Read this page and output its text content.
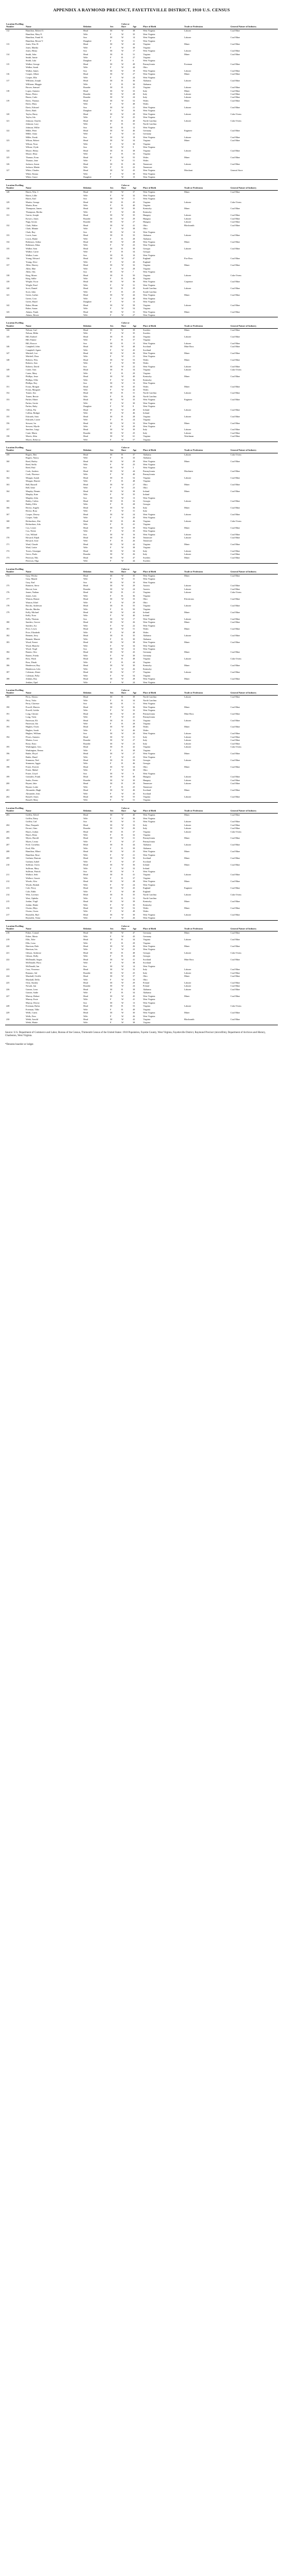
APPENDIX A RAYMOND PRECINCT, FAYETTEVILLE DISTRICT, 1910 U.S. CENSUS
Location Dwelling Number	Name	Relation	Sex	Color or Race	Age	Place of Birth	Trade or Profession	General Nature of Industry
112	Hamilton, Robert O.	Head	M	W	38	West Virginia	Laborer	Coal Mine
	Hamilton, Mary E.	Wife	F	W	35	West Virginia		
	Hamilton, Frank W.	Son	M	W	14	West Virginia	Laborer	Coal Mine
	Hamilton, Bessie V.	Daughter	F	W	11	West Virginia		
113	Jones, Wm. H.	Head	M	W	42	Virginia	Miner	Coal Mine
	Jones, Martha	Wife	F	W	39	Virginia		
	Jones, Henry	Son	M	W	17	West Virginia	Laborer	Coal Mine
114	Smith, John	Head	M	B	31	Virginia	Miner	Coal Mine
	Smith, Annie	Wife	F	B	27	Virginia		
	Smith, Lula	Daughter	F	B	6	West Virginia		
115	Walker, George	Head	M	W	49	Pennsylvania	Foreman	Coal Mine
	Walker, Sarah	Wife	F	W	44	Ohio		
	Walker, James	Son	M	W	19	West Virginia	Laborer	Coal Mine
116	Cooper, Albert	Head	M	W	27	West Virginia	Miner	Coal Mine
	Cooper, Ella	Wife	F	W	24	West Virginia		
117	Williams, Joseph	Head	M	B	36	Alabama	Laborer	Coal Mine
	Williams, Maggie	Wife	F	B	30	Alabama		
	Brown, Samuel	Boarder	M	B	25	Virginia	Laborer	Coal Mine
118	Lopez, Antonio	Head	M	W	33	Italy	Miner	Coal Mine
	Russo, Pietro	Boarder	M	W	28	Italy	Laborer	Coal Mine
	Bruno, Carlo	Boarder	M	W	24	Italy	Laborer	Coal Mine
119	Davis, Thomas	Head	M	W	52	Wales	Miner	Coal Mine
	Davis, Mary	Wife	F	W	48	Wales		
	Davis, Edward	Son	M	W	21	West Virginia	Laborer	Coal Mine
	Davis, Ruth	Daughter	F	W	16	West Virginia		
120	Taylor, Harry	Head	M	W	29	West Virginia	Laborer	Coke Ovens
	Taylor, Ida	Wife	F	W	25	West Virginia		
121	Johnson, Charles	Head	M	B	40	North Carolina	Laborer	Coke Ovens
	Johnson, Lucy	Wife	F	B	35	North Carolina		
	Johnson, Willie	Son	M	B	12	West Virginia		
122	Miller, Peter	Head	M	W	46	Germany	Engineer	Coal Mine
	Miller, Anna	Wife	F	W	41	Germany		
	Miller, Frank	Son	M	W	18	West Virginia	Laborer	Coal Mine
123	Wilson, Robert	Head	M	W	34	Virginia	Miner	Coal Mine
	Wilson, Nora	Wife	F	W	30	Virginia		
	Wilson, Clyde	Son	M	W	9	West Virginia		
124	Moore, Henry	Head	M	B	38	Virginia	Laborer	Coal Mine
	Moore, Eliza	Wife	F	B	33	Virginia		
125	Thomas, Evan	Head	M	W	55	Wales	Miner	Coal Mine
	Thomas, Jane	Wife	F	W	51	Wales		
126	Jackson, Aaron	Head	M	B	26	Tennessee	Laborer	Coal Mine
	Jackson, Mattie	Wife	F	B	22	Tennessee		
127	White, Charles	Head	M	W	43	West Virginia	Merchant	General Store
	White, Emma	Wife	F	W	39	West Virginia		
	White, Grace	Daughter	F	W	15	West Virginia		
Location Dwelling Number	Name	Relation	Sex	Color or Race	Age	Place of Birth	Trade or Profession	General Nature of Industry
128	Harris, Wm. J.	Head	M	W	37	West Virginia	Miner	Coal Mine
	Harris, Lillie	Wife	F	W	32	West Virginia		
	Harris, Earl	Son	M	W	11	West Virginia		
129	Martin, George	Head	M	B	45	Virginia	Laborer	Coke Ovens
	Martin, Rosa	Wife	F	B	40	Virginia		
130	Thompson, James	Head	M	W	30	Kentucky	Miner	Coal Mine
	Thompson, Bertha	Wife	F	W	26	Kentucky		
131	Garcia, Joseph	Head	M	W	35	Hungary	Laborer	Coal Mine
	Kovacs, Janos	Boarder	M	W	29	Hungary	Laborer	Coal Mine
	Nagy, Istvan	Boarder	M	W	27	Hungary	Laborer	Coal Mine
132	Clark, Walter	Head	M	W	41	Ohio	Blacksmith	Coal Mine
	Clark, Minnie	Wife	F	W	38	Ohio		
	Clark, Ray	Son	M	W	14	West Virginia		
133	Lewis, Isaac	Head	M	B	33	Alabama	Laborer	Coal Mine
	Lewis, Hattie	Wife	F	B	28	Alabama		
134	Robinson, Arthur	Head	M	W	28	West Virginia	Miner	Coal Mine
	Robinson, Edna	Wife	F	W	23	West Virginia		
135	Walker, Sam	Head	M	B	39	Georgia	Laborer	Coal Mine
	Walker, Carrie	Wife	F	B	34	Georgia		
	Walker, Louis	Son	M	B	10	West Virginia		
136	Young, Edward	Head	M	W	47	England	Fire Boss	Coal Mine
	Young, Alice	Wife	F	W	43	England		
137	Allen, Harvey	Head	M	W	32	Virginia	Miner	Coal Mine
	Allen, Mae	Wife	F	W	28	Virginia		
	Allen, Otis	Son	M	W	7	West Virginia		
138	King, Moses	Head	M	B	50	Virginia	Laborer	Coke Ovens
	King, Sallie	Wife	F	B	46	Virginia		
139	Wright, Oscar	Head	M	W	36	West Virginia	Carpenter	Coal Mine
	Wright, Pearl	Wife	F	W	31	West Virginia		
140	Scott, Daniel	Head	M	B	29	South Carolina	Laborer	Coal Mine
	Scott, Julia	Wife	F	B	25	South Carolina		
141	Green, Luther	Head	M	W	44	West Virginia	Miner	Coal Mine
	Green, Cora	Wife	F	W	40	West Virginia		
	Green, Hazel	Daughter	F	W	13	West Virginia		
142	Baker, Hiram	Head	M	W	58	Virginia	Laborer	Coal Mine
	Baker, Susan	Wife	F	W	54	Virginia		
143	Adams, Frank	Head	M	W	31	West Virginia	Miner	Coal Mine
	Adams, Bessie	Wife	F	W	27	West Virginia		
Location Dwelling Number	Name	Relation	Sex	Color or Race	Age	Place of Birth	Trade or Profession	General Nature of Industry
144	Nelson, Carl	Head	M	W	39	Sweden	Miner	Coal Mine
	Nelson, Hilda	Wife	F	W	35	Sweden		
145	Hill, Ezekiel	Head	M	B	42	Virginia	Laborer	Coal Mine
	Hill, Fannie	Wife	F	B	37	Virginia		
	Hill, Roscoe	Son	M	B	15	West Virginia	Laborer	Coal Mine
146	Campbell, John	Head	M	W	48	Scotland	Mine Boss	Coal Mine
	Campbell, Agnes	Wife	F	W	45	Scotland		
147	Mitchell, Lee	Head	M	W	26	West Virginia	Miner	Coal Mine
	Mitchell, Dora	Wife	F	W	21	West Virginia		
148	Roberts, Wm.	Head	M	W	53	Wales	Miner	Coal Mine
	Roberts, Ann	Wife	F	W	50	Wales		
	Roberts, David	Son	M	W	22	West Virginia	Laborer	Coal Mine
149	Carter, Tom	Head	M	B	34	Virginia	Laborer	Coke Ovens
	Carter, Mary	Wife	F	B	29	Virginia		
150	Phillips, Jesse	Head	M	W	40	Kentucky	Miner	Coal Mine
	Phillips, Ollie	Wife	F	W	36	Kentucky		
	Phillips, Roy	Son	M	W	12	West Virginia		
151	Evans, Morgan	Head	M	W	45	Wales	Miner	Coal Mine
	Evans, Margaret	Wife	F	W	42	Wales		
152	Turner, Jim	Head	M	B	31	North Carolina	Laborer	Coal Mine
	Turner, Bessie	Wife	F	B	26	North Carolina		
153	Parker, Elmer	Head	M	W	35	West Virginia	Engineer	Coal Mine
	Parker, Gertie	Wife	F	W	30	West Virginia		
	Parker, Ruby	Daughter	F	W	8	West Virginia		
154	Collins, Pat	Head	M	W	49	Ireland	Laborer	Coal Mine
	Collins, Bridget	Wife	F	W	46	Ireland		
155	Edwards, Sam	Head	M	B	28	Virginia	Laborer	Coal Mine
	Edwards, Lizzie	Wife	F	B	24	Virginia		
156	Stewart, Ira	Head	M	W	33	West Virginia	Miner	Coal Mine
	Stewart, Myrtle	Wife	F	W	29	West Virginia		
157	Sanchez, Luigi	Head	M	W	30	Italy	Laborer	Coal Mine
	Conti, Mario	Boarder	M	W	25	Italy	Laborer	Coal Mine
158	Morris, Silas	Head	M	W	61	Virginia	Watchman	Coal Mine
	Morris, Rebecca	Wife	F	W	57	Virginia		
Location Dwelling Number	Name	Relation	Sex	Color or Race	Age	Place of Birth	Trade or Profession	General Nature of Industry
159	Rogers, Ben	Head	M	B	37	Alabama	Laborer	Coke Ovens
	Rogers, Nancy	Wife	F	B	33	Alabama		
160	Reed, Harley	Head	M	W	29	West Virginia	Miner	Coal Mine
	Reed, Stella	Wife	F	W	25	West Virginia		
	Reed, Paul	Son	M	W	3	West Virginia		
161	Cook, Andrew	Head	M	W	44	Pennsylvania	Machinist	Coal Mine
	Cook, Florence	Wife	F	W	40	Pennsylvania		
162	Morgan, Isaiah	Head	M	B	52	Virginia	Laborer	Coal Mine
	Morgan, Harriet	Wife	F	B	48	Virginia		
163	Bell, Russell	Head	M	W	27	Ohio	Miner	Coal Mine
	Bell, Irene	Wife	F	W	23	Ohio		
164	Murphy, Dennis	Head	M	W	38	Ireland	Miner	Coal Mine
	Murphy, Kate	Wife	F	W	35	Ireland		
	Murphy, John	Son	M	W	13	West Virginia		
165	Bailey, Calvin	Head	M	B	32	Georgia	Laborer	Coal Mine
	Bailey, Effie	Wife	F	B	28	Georgia		
166	Rivera, Angelo	Head	M	W	36	Italy	Miner	Coal Mine
	Rivera, Rosa	Wife	F	W	31	Italy		
167	Cooper, Dewey	Head	M	W	24	West Virginia	Laborer	Coal Mine
	Cooper, Vada	Wife	F	W	20	West Virginia		
168	Richardson, Abe	Head	M	B	46	Virginia	Laborer	Coke Ovens
	Richardson, Ada	Wife	F	B	41	Virginia		
169	Cox, Lester	Head	M	W	39	West Virginia	Miner	Coal Mine
	Cox, Nettie	Wife	F	W	35	West Virginia		
	Cox, Willard	Son	M	W	16	West Virginia	Laborer	Coal Mine
170	Howard, Elijah	Head	M	B	30	Tennessee	Laborer	Coal Mine
	Howard, Josie	Wife	F	B	26	Tennessee		
171	Ward, Claude	Head	M	W	42	Virginia	Miner	Coal Mine
	Ward, Lottie	Wife	F	W	38	Virginia		
172	Torres, Giuseppe	Head	M	W	34	Italy	Laborer	Coal Mine
	Greco, Paolo	Boarder	M	W	26	Italy	Laborer	Coal Mine
173	Peterson, Nils	Head	M	W	47	Sweden	Miner	Coal Mine
	Peterson, Olga	Wife	F	W	44	Sweden		
Location Dwelling Number	Name	Relation	Sex	Color or Race	Age	Place of Birth	Trade or Profession	General Nature of Industry
174	Gray, Wesley	Head	M	W	35	West Virginia	Miner	Coal Mine
	Gray, Maude	Wife	F	W	31	West Virginia		
	Gray, Earl	Son	M	W	10	West Virginia		
175	Ramirez, Steve	Head	M	W	29	Austria	Laborer	Coal Mine
	Horvat, Ivan	Boarder	M	W	24	Austria	Laborer	Coal Mine
176	James, Nathan	Head	M	B	41	Virginia	Laborer	Coke Ovens
	James, Lula	Wife	F	B	36	Virginia		
177	Watson, Homer	Head	M	W	33	Ohio	Electrician	Coal Mine
	Watson, Ethel	Wife	F	W	29	Ohio		
178	Brooks, Anderson	Head	M	B	55	Virginia	Laborer	Coal Mine
	Brooks, Martha	Wife	F	B	50	Virginia		
179	Kelly, Michael	Head	M	W	44	Ireland	Miner	Coal Mine
	Kelly, Nora	Wife	F	W	40	Ireland		
	Kelly, Thomas	Son	M	W	17	West Virginia	Laborer	Coal Mine
180	Sanders, Grover	Head	M	W	26	West Virginia	Miner	Coal Mine
	Sanders, Iva	Wife	F	W	22	West Virginia		
181	Price, Lewis	Head	M	W	51	Wales	Miner	Coal Mine
	Price, Elizabeth	Wife	F	W	48	Wales		
182	Bennett, Jerry	Head	M	B	35	Alabama	Laborer	Coal Mine
	Bennett, Mamie	Wife	F	B	30	Alabama		
183	Wood, Ernest	Head	M	W	38	West Virginia	Miner	Coal Mine
	Wood, Blanche	Wife	F	W	34	West Virginia		
	Wood, Virgil	Son	M	W	12	West Virginia		
184	Barnes, Otto	Head	M	W	43	Germany	Miner	Coal Mine
	Barnes, Frieda	Wife	F	W	39	Germany		
185	Ross, Wash	Head	M	B	48	Virginia	Laborer	Coke Ovens
	Ross, Dinah	Wife	F	B	44	Virginia		
186	Henderson, Ray	Head	M	W	30	Kentucky	Miner	Coal Mine
	Henderson, Lela	Wife	F	W	26	Kentucky		
187	Coleman, Abner	Head	M	W	57	Virginia	Laborer	Coal Mine
	Coleman, Polly	Wife	F	W	54	Virginia		
188	Jenkins, Roy	Head	M	W	28	West Virginia	Miner	Coal Mine
	Jenkins, Opal	Wife	F	W	24	West Virginia		
Location Dwelling Number	Name	Relation	Sex	Color or Race	Age	Place of Birth	Trade or Profession	General Nature of Industry
189	Perry, Alonzo	Head	M	B	39	North Carolina	Laborer	Coal Mine
	Perry, Viola	Wife	F	B	34	North Carolina		
	Perry, Clarence	Son	M	B	11	West Virginia		
190	Powell, Marvin	Head	M	W	36	West Virginia	Miner	Coal Mine
	Powell, Goldie	Wife	F	W	32	West Virginia		
191	Long, Chester	Head	M	W	45	Pennsylvania	Mine Boss	Coal Mine
	Long, Viola	Wife	F	W	41	Pennsylvania		
192	Patterson, Eli	Head	M	B	33	Virginia	Laborer	Coal Mine
	Patterson, Ida	Wife	F	B	28	Virginia		
193	Hughes, Owen	Head	M	W	49	Wales	Miner	Coal Mine
	Hughes, Sarah	Wife	F	W	46	Wales		
	Hughes, William	Son	M	W	20	West Virginia	Laborer	Coal Mine
194	Flores, Antonio	Head	M	W	31	Italy	Laborer	Coal Mine
	Marino, Luca	Boarder	M	W	27	Italy	Laborer	Coal Mine
	Rossi, Enzo	Boarder	M	W	23	Italy	Laborer	Coal Mine
195	Washington, Geo.	Head	M	B	42	Virginia	Laborer	Coke Ovens
	Washington, Emma	Wife	F	B	38	Virginia		
196	Butler, Floyd	Head	M	W	27	West Virginia	Miner	Coal Mine
	Butler, Hazel	Wife	F	W	23	West Virginia		
197	Simmons, Ned	Head	M	B	50	Georgia	Laborer	Coal Mine
	Simmons, Aggie	Wife	F	B	46	Georgia		
198	Foster, Everett	Head	M	W	34	Ohio	Miner	Coal Mine
	Foster, Mabel	Wife	F	W	30	Ohio		
	Foster, Lloyd	Son	M	W	6	West Virginia		
199	Gonzales, Frank	Head	M	W	38	Hungary	Laborer	Coal Mine
	Szabo, Ferenc	Boarder	M	W	30	Hungary	Laborer	Coal Mine
200	Bryant, Jake	Head	M	B	29	Tennessee	Laborer	Coal Mine
	Bryant, Lottie	Wife	F	B	25	Tennessee		
201	Alexander, Hugh	Head	M	W	46	Scotland	Miner	Coal Mine
	Alexander, Jean	Wife	F	W	43	Scotland		
202	Russell, Amos	Head	M	W	55	Virginia	Laborer	Coal Mine
	Russell, Mary	Wife	F	W	51	Virginia		
Location Dwelling Number	Name	Relation	Sex	Color or Race	Age	Place of Birth	Trade or Profession	General Nature of Industry
203	Griffin, Alfred	Head	M	W	40	West Virginia	Miner	Coal Mine
	Griffin, Daisy	Wife	F	W	36	West Virginia		
	Griffin, Carl	Son	M	W	15	West Virginia	Laborer	Coal Mine
204	Diaz, Pasquale	Head	M	W	33	Italy	Laborer	Coal Mine
	Ferrari, Gino	Boarder	M	W	26	Italy	Laborer	Coal Mine
205	Hayes, Jordan	Head	M	B	37	Virginia	Laborer	Coke Ovens
	Hayes, Rena	Wife	F	B	32	Virginia		
206	Myers, Harold	Head	M	W	31	Pennsylvania	Miner	Coal Mine
	Myers, Leona	Wife	F	W	27	Pennsylvania		
207	Ford, Cornelius	Head	M	B	44	Alabama	Laborer	Coal Mine
	Ford, Ella	Wife	F	B	39	Alabama		
208	Hamilton, Elbert	Head	M	W	25	West Virginia	Miner	Coal Mine
	Hamilton, Rose	Wife	F	W	21	West Virginia		
209	Graham, Duncan	Head	M	W	50	Scotland	Miner	Coal Mine
	Graham, Isabel	Wife	F	W	47	Scotland		
210	Sullivan, Owen	Head	M	W	36	Ireland	Miner	Coal Mine
	Sullivan, Mary	Wife	F	W	32	Ireland		
	Sullivan, Patrick	Son	M	W	9	West Virginia		
211	Wallace, Seth	Head	M	B	41	Virginia	Laborer	Coal Mine
	Wallace, Gussie	Wife	F	B	37	Virginia		
212	Woods, Alva	Head	M	W	28	West Virginia	Miner	Coal Mine
	Woods, Beulah	Wife	F	W	24	West Virginia		
213	Cole, Percy	Head	M	W	43	England	Engineer	Coal Mine
	Cole, Edith	Wife	F	W	40	England		
214	West, Lorenzo	Head	M	B	35	North Carolina	Laborer	Coke Ovens
	West, Ophelia	Wife	F	B	31	North Carolina		
215	Jordan, Virgil	Head	M	W	39	Kentucky	Miner	Coal Mine
	Jordan, Hattie	Wife	F	W	35	Kentucky		
216	Owens, Rhys	Head	M	W	52	Wales	Miner	Coal Mine
	Owens, Gwen	Wife	F	W	49	Wales		
217	Reynolds, Burl	Head	M	W	30	West Virginia	Laborer	Coal Mine
	Reynolds, Verna	Wife	F	W	26	West Virginia		
Location Dwelling Number	Name	Relation	Sex	Color or Race	Age	Place of Birth	Trade or Profession	General Nature of Industry
218	Fisher, Conrad	Head	M	W	47	Germany	Miner	Coal Mine
	Fisher, Marta	Wife	F	W	43	Germany		
219	Ellis, Tobe	Head	M	B	34	Virginia	Laborer	Coal Mine
	Ellis, Lena	Wife	F	B	29	Virginia		
220	Harrison, Dale	Head	M	W	26	West Virginia	Miner	Coal Mine
	Harrison, Iris	Wife	F	W	22	West Virginia		
221	Gibson, Ambrose	Head	M	B	48	Georgia	Laborer	Coke Ovens
	Gibson, Dolly	Wife	F	B	44	Georgia		
222	McDonald, Angus	Head	M	W	41	Scotland	Mine Boss	Coal Mine
	McDonald, Flora	Wife	F	W	38	Scotland		
	McDonald, Ian	Son	M	W	14	West Virginia		
223	Cruz, Vincenzo	Head	M	W	32	Italy	Laborer	Coal Mine
	Romano, Sal	Boarder	M	W	25	Italy	Laborer	Coal Mine
224	Marshall, Orville	Head	M	W	37	Ohio	Miner	Coal Mine
	Marshall, Della	Wife	F	W	33	Ohio		
225	Ortiz, Stanley	Head	M	W	29	Poland	Laborer	Coal Mine
	Nowak, Jan	Boarder	M	W	24	Poland	Laborer	Coal Mine
226	Gomez, Leon	Head	M	B	38	Alabama	Laborer	Coal Mine
	Gomez, Sadie	Wife	F	B	34	Alabama		
227	Murray, Hobart	Head	M	W	45	West Virginia	Miner	Coal Mine
	Murray, Essie	Wife	F	W	41	West Virginia		
	Murray, Dewey	Son	M	W	13	West Virginia		
228	Freeman, Rufus	Head	M	B	53	Virginia	Laborer	Coke Ovens
	Freeman, Tillie	Wife	F	B	49	Virginia		
229	Wells, Curtis	Head	M	W	30	West Virginia	Miner	Coal Mine
	Wells, Fern	Wife	F	W	26	West Virginia		
230	Webb, Arnold	Head	M	W	42	Virginia	Blacksmith	Coal Mine
	Webb, Mattie	Wife	F	W	38	Virginia		
Source: U.S. Department of Commerce and Labor, Bureau of the Census, Thirteenth Census of the United States: 1910 Population, Fayette County, West Virginia, Fayetteville District, Raymond Precinct (microfilm), Department of Archives and History, Charleston, West Virginia.
*Denotes boarder or lodger.
